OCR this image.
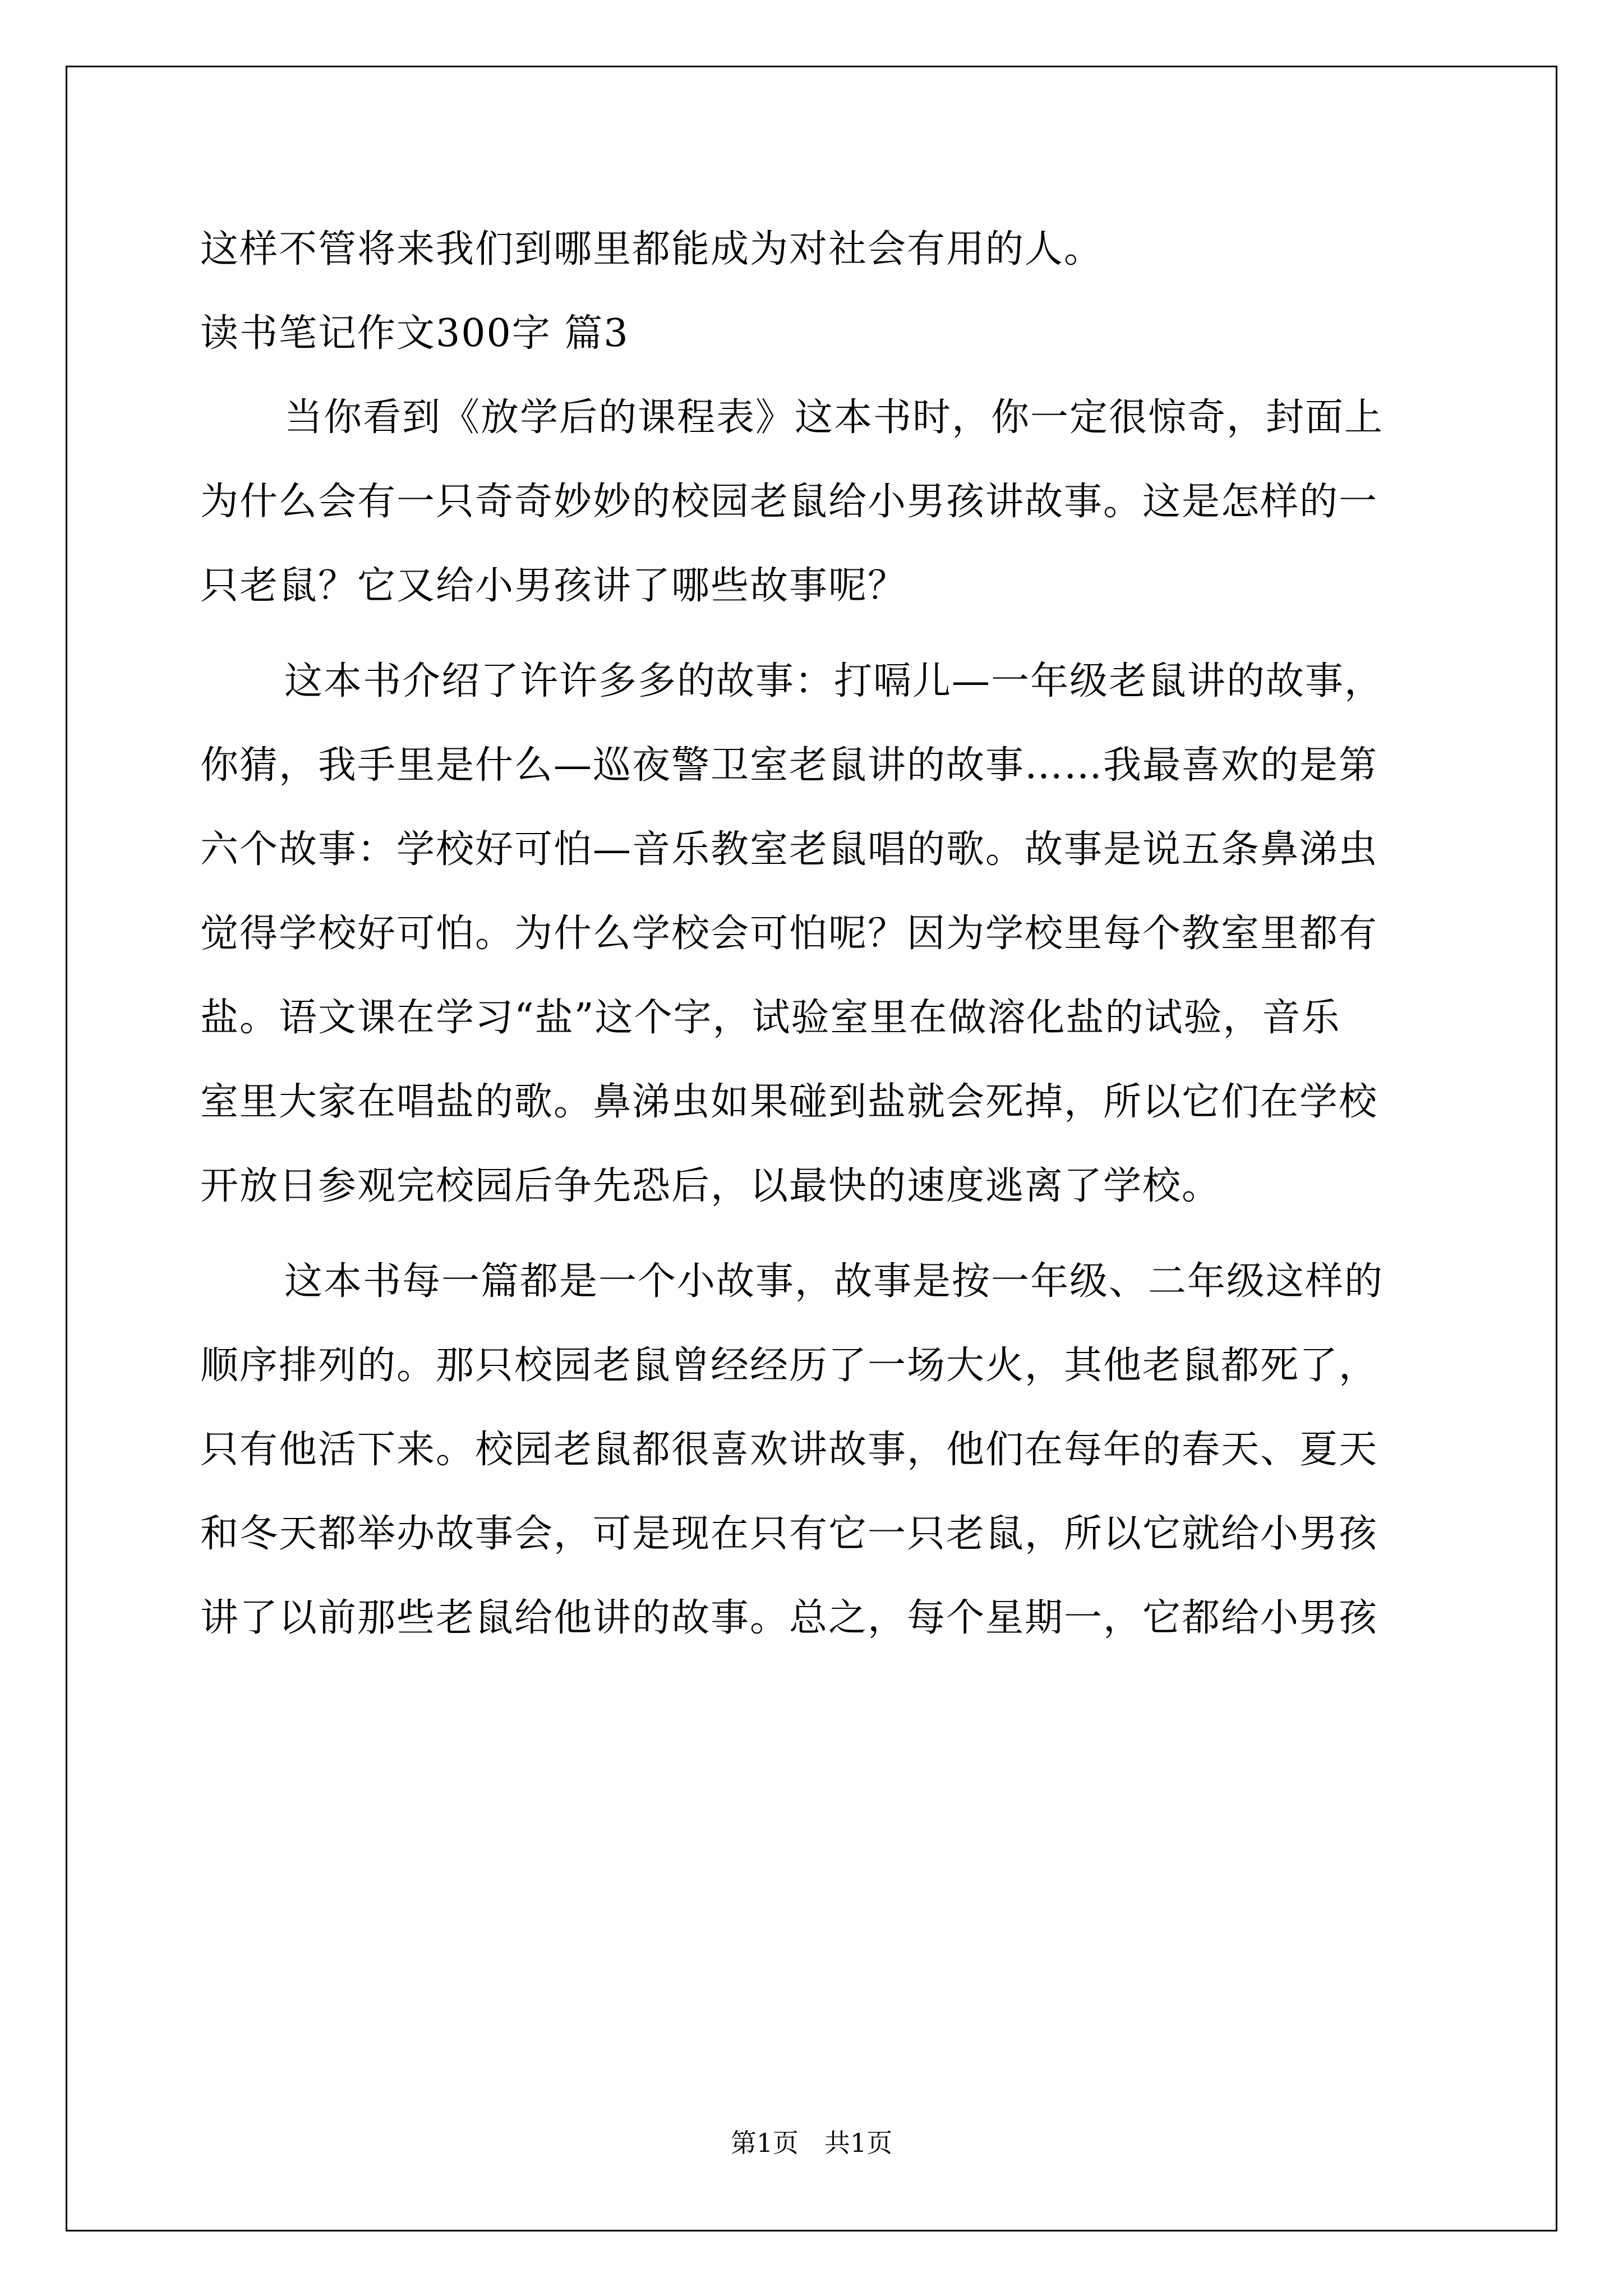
这样不管将来我们到哪里都能成为对社会有用的人。
读书笔记作文300字 篇3
当你看到《放学后的课程表》这本书时，你一定很惊奇，封面上
为什么会有一只奇奇妙妙的校园老鼠给小男孩讲故事。这是怎样的一
只老鼠？它又给小男孩讲了哪些故事呢？
这本书介绍了许许多多的故事：打嗝儿—一年级老鼠讲的故事，
你猜，我手里是什么—巡夜警卫室老鼠讲的故事……我最喜欢的是第
六个故事：学校好可怕—音乐教室老鼠唱的歌。故事是说五条鼻涕虫
觉得学校好可怕。为什么学校会可怕呢？因为学校里每个教室里都有
盐。语文课在学习“盐”这个字，试验室里在做溶化盐的试验，音乐
室里大家在唱盐的歌。鼻涕虫如果碰到盐就会死掉，所以它们在学校
开放日参观完校园后争先恐后，以最快的速度逃离了学校。
这本书每一篇都是一个小故事，故事是按一年级、二年级这样的
顺序排列的。那只校园老鼠曾经经历了一场大火，其他老鼠都死了，
只有他活下来。校园老鼠都很喜欢讲故事，他们在每年的春天、夏天
和冬天都举办故事会，可是现在只有它一只老鼠，所以它就给小男孩
讲了以前那些老鼠给他讲的故事。总之，每个星期一，它都给小男孩
第1页　共1页
